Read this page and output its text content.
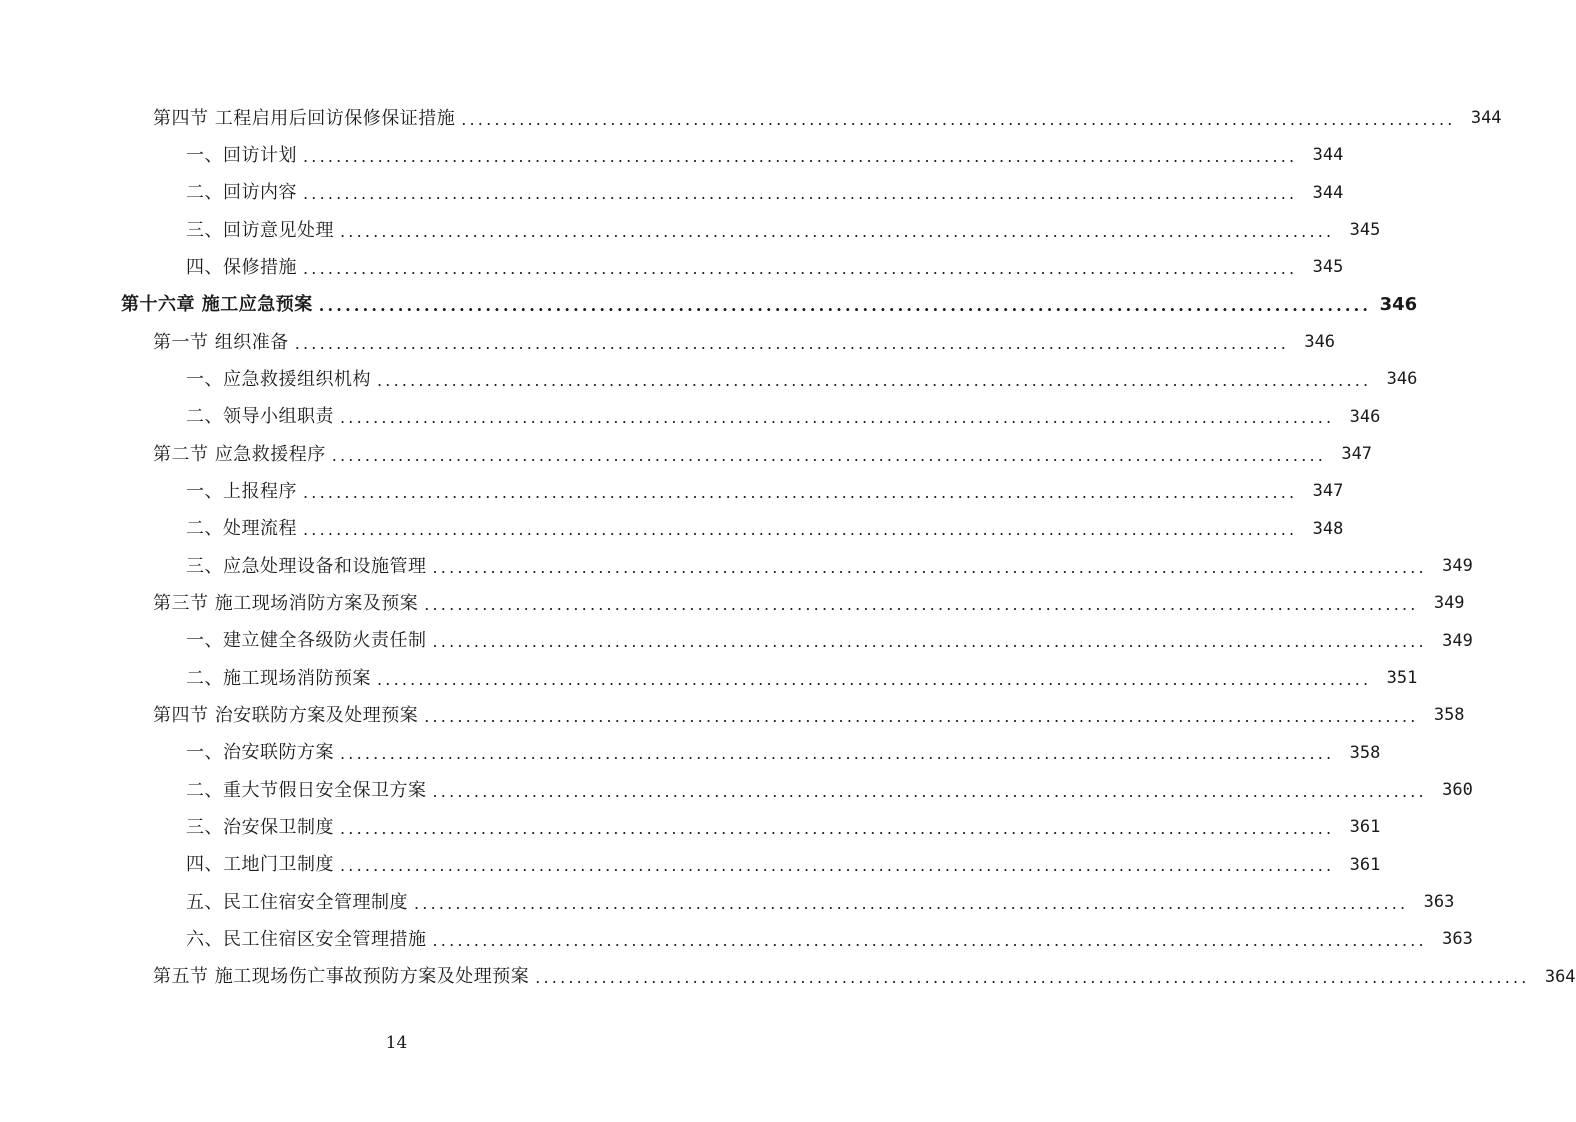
第四节 工程启用后回访保修保证措施 ........................................................................................................................ 344
一、回访计划 ........................................................................................................................ 344
二、回访内容 ........................................................................................................................ 344
三、回访意见处理 ........................................................................................................................ 345
四、保修措施 ........................................................................................................................ 345
第十六章 施工应急预案 ........................................................................................................................ 346
第一节 组织准备 ........................................................................................................................ 346
一、应急救援组织机构 ........................................................................................................................ 346
二、领导小组职责 ........................................................................................................................ 346
第二节 应急救援程序 ........................................................................................................................ 347
一、上报程序 ........................................................................................................................ 347
二、处理流程 ........................................................................................................................ 348
三、应急处理设备和设施管理 ........................................................................................................................ 349
第三节 施工现场消防方案及预案 ........................................................................................................................ 349
一、建立健全各级防火责任制 ........................................................................................................................ 349
二、施工现场消防预案 ........................................................................................................................ 351
第四节 治安联防方案及处理预案 ........................................................................................................................ 358
一、治安联防方案 ........................................................................................................................ 358
二、重大节假日安全保卫方案 ........................................................................................................................ 360
三、治安保卫制度 ........................................................................................................................ 361
四、工地门卫制度 ........................................................................................................................ 361
五、民工住宿安全管理制度 ........................................................................................................................ 363
六、民工住宿区安全管理措施 ........................................................................................................................ 363
第五节 施工现场伤亡事故预防方案及处理预案 ........................................................................................................................ 364
14
